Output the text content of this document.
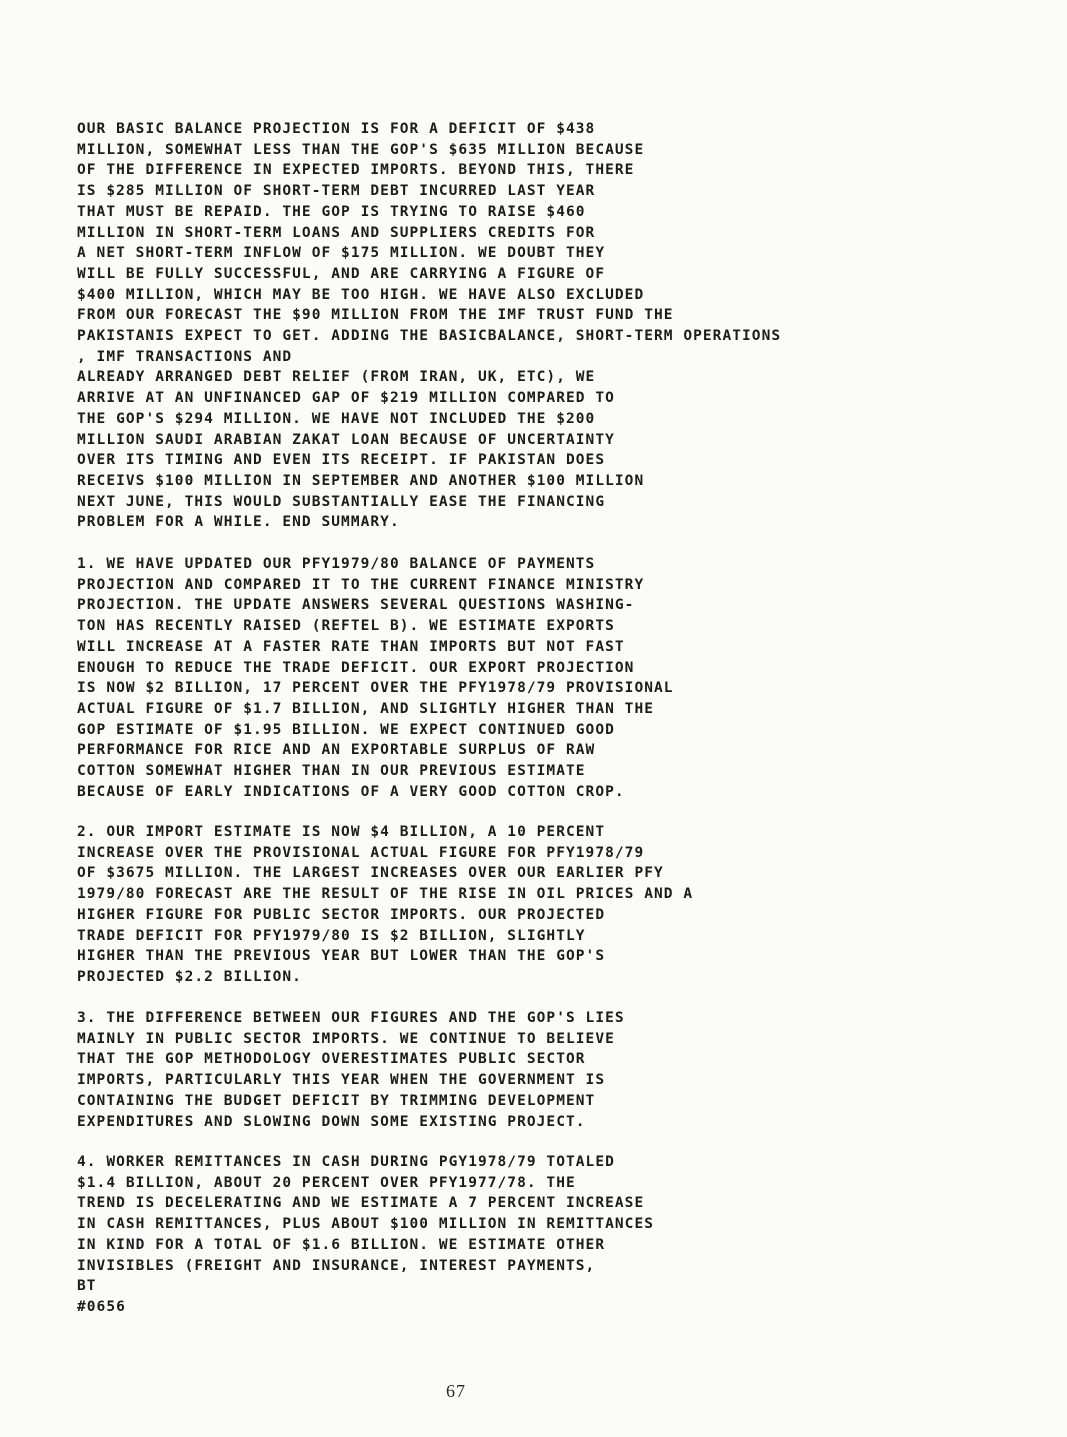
OUR BASIC BALANCE PROJECTION IS FOR A DEFICIT OF $438
MILLION, SOMEWHAT LESS THAN THE GOP'S $635 MILLION BECAUSE
OF THE DIFFERENCE IN EXPECTED IMPORTS. BEYOND THIS, THERE
IS $285 MILLION OF SHORT-TERM DEBT INCURRED LAST YEAR
THAT MUST BE REPAID. THE GOP IS TRYING TO RAISE $460
MILLION IN SHORT-TERM LOANS AND SUPPLIERS CREDITS FOR
A NET SHORT-TERM INFLOW OF $175 MILLION. WE DOUBT THEY
WILL BE FULLY SUCCESSFUL, AND ARE CARRYING A FIGURE OF
$400 MILLION, WHICH MAY BE TOO HIGH. WE HAVE ALSO EXCLUDED
FROM OUR FORECAST THE $90 MILLION FROM THE IMF TRUST FUND THE
PAKISTANIS EXPECT TO GET. ADDING THE BASICBALANCE, SHORT-TERM OPERATIONS
, IMF TRANSACTIONS AND
ALREADY ARRANGED DEBT RELIEF (FROM IRAN, UK, ETC), WE
ARRIVE AT AN UNFINANCED GAP OF $219 MILLION COMPARED TO
THE GOP'S $294 MILLION. WE HAVE NOT INCLUDED THE $200
MILLION SAUDI ARABIAN ZAKAT LOAN BECAUSE OF UNCERTAINTY
OVER ITS TIMING AND EVEN ITS RECEIPT. IF PAKISTAN DOES
RECEIVS $100 MILLION IN SEPTEMBER AND ANOTHER $100 MILLION
NEXT JUNE, THIS WOULD SUBSTANTIALLY EASE THE FINANCING
PROBLEM FOR A WHILE. END SUMMARY.

1. WE HAVE UPDATED OUR PFY1979/80 BALANCE OF PAYMENTS
PROJECTION AND COMPARED IT TO THE CURRENT FINANCE MINISTRY
PROJECTION. THE UPDATE ANSWERS SEVERAL QUESTIONS WASHING-
TON HAS RECENTLY RAISED (REFTEL B). WE ESTIMATE EXPORTS
WILL INCREASE AT A FASTER RATE THAN IMPORTS BUT NOT FAST
ENOUGH TO REDUCE THE TRADE DEFICIT. OUR EXPORT PROJECTION
IS NOW $2 BILLION, 17 PERCENT OVER THE PFY1978/79 PROVISIONAL
ACTUAL FIGURE OF $1.7 BILLION, AND SLIGHTLY HIGHER THAN THE
GOP ESTIMATE OF $1.95 BILLION. WE EXPECT CONTINUED GOOD
PERFORMANCE FOR RICE AND AN EXPORTABLE SURPLUS OF RAW
COTTON SOMEWHAT HIGHER THAN IN OUR PREVIOUS ESTIMATE
BECAUSE OF EARLY INDICATIONS OF A VERY GOOD COTTON CROP.

2. OUR IMPORT ESTIMATE IS NOW $4 BILLION, A 10 PERCENT
INCREASE OVER THE PROVISIONAL ACTUAL FIGURE FOR PFY1978/79
OF $3675 MILLION. THE LARGEST INCREASES OVER OUR EARLIER PFY
1979/80 FORECAST ARE THE RESULT OF THE RISE IN OIL PRICES AND A
HIGHER FIGURE FOR PUBLIC SECTOR IMPORTS. OUR PROJECTED
TRADE DEFICIT FOR PFY1979/80 IS $2 BILLION, SLIGHTLY
HIGHER THAN THE PREVIOUS YEAR BUT LOWER THAN THE GOP'S
PROJECTED $2.2 BILLION.

3. THE DIFFERENCE BETWEEN OUR FIGURES AND THE GOP'S LIES
MAINLY IN PUBLIC SECTOR IMPORTS. WE CONTINUE TO BELIEVE
THAT THE GOP METHODOLOGY OVERESTIMATES PUBLIC SECTOR
IMPORTS, PARTICULARLY THIS YEAR WHEN THE GOVERNMENT IS
CONTAINING THE BUDGET DEFICIT BY TRIMMING DEVELOPMENT
EXPENDITURES AND SLOWING DOWN SOME EXISTING PROJECT.

4. WORKER REMITTANCES IN CASH DURING PGY1978/79 TOTALED
$1.4 BILLION, ABOUT 20 PERCENT OVER PFY1977/78. THE
TREND IS DECELERATING AND WE ESTIMATE A 7 PERCENT INCREASE
IN CASH REMITTANCES, PLUS ABOUT $100 MILLION IN REMITTANCES
IN KIND FOR A TOTAL OF $1.6 BILLION. WE ESTIMATE OTHER
INVISIBLES (FREIGHT AND INSURANCE, INTEREST PAYMENTS,
BT
#0656

67
